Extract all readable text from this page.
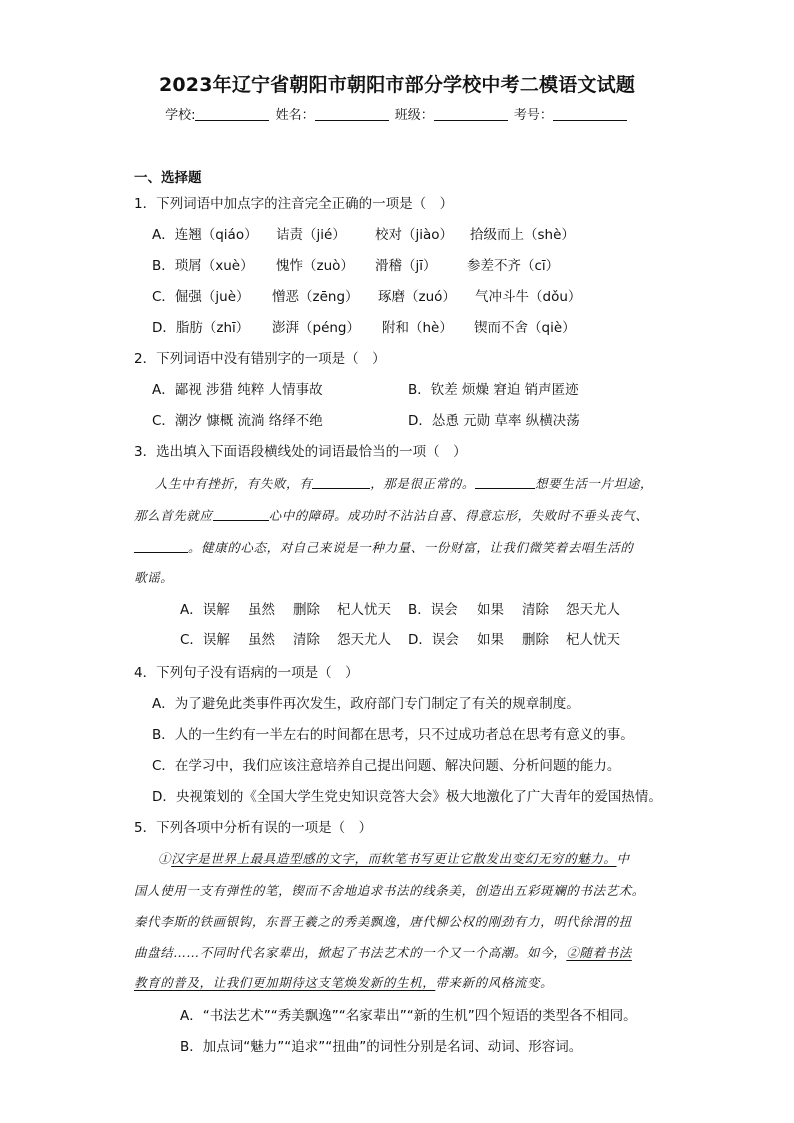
2023年辽宁省朝阳市朝阳市部分学校中考二模语文试题
学校:	姓名：	班级：	考号：
一、选择题
1．下列词语中加点字的注音完全正确的一项是（　）
A．连翘（qiáo） 诘责（jié） 校对（jiào） 拾级而上（shè）
B．琐屑（xuè） 愧怍（zuò） 滑稽（jī） 参差不齐（cī）
C．倔强（juè） 憎恶（zēng） 琢磨（zuó） 气冲斗牛（dǒu）
D．脂肪（zhī） 澎湃（péng） 附和（hè） 锲而不舍（qiè）
2．下列词语中没有错别字的一项是（　）
A．鄙视 涉猎 纯粹 人情事故	B．钦差 烦燥 窘迫 销声匿迹
C．潮汐 慷概 流淌 络绎不绝	D．怂恿 元勋 草率 纵横决荡
3．选出填入下面语段横线处的词语最恰当的一项（　）
人生中有挫折，有失败，有	，那是很正常的。	想要生活一片坦途，
那么首先就应	心中的障碍。成功时不沾沾自喜、得意忘形，失败时不垂头丧气、
。健康的心态，对自己来说是一种力量、一份财富，让我们微笑着去唱生活的
歌谣。
A．误解 虽然 删除 杞人忧天 B．误会 如果 清除 怨天尤人
C．误解 虽然 清除 怨天尤人 D．误会 如果 删除 杞人忧天
4．下列句子没有语病的一项是（　）
A．为了避免此类事件再次发生，政府部门专门制定了有关的规章制度。
B．人的一生约有一半左右的时间都在思考，只不过成功者总在思考有意义的事。
C．在学习中，我们应该注意培养自己提出问题、解决问题、分析问题的能力。
D．央视策划的《全国大学生党史知识竞答大会》极大地激化了广大青年的爱国热情。
5．下列各项中分析有误的一项是（　）
①汉字是世界上最具造型感的文字，而软笔书写更让它散发出变幻无穷的魅力。中
国人使用一支有弹性的笔，锲而不舍地追求书法的线条美，创造出五彩斑斓的书法艺术。
秦代李斯的铁画银钩，东晋王羲之的秀美飘逸，唐代柳公权的刚劲有力，明代徐渭的扭
曲盘结……不同时代名家辈出，掀起了书法艺术的一个又一个高潮。如今，②随着书法
教育的普及，让我们更加期待这支笔焕发新的生机，带来新的风格流变。
A．“书法艺术”“秀美飘逸”“名家辈出”“新的生机”四个短语的类型各不相同。
B．加点词“魅力”“追求”“扭曲”的词性分别是名词、动词、形容词。
